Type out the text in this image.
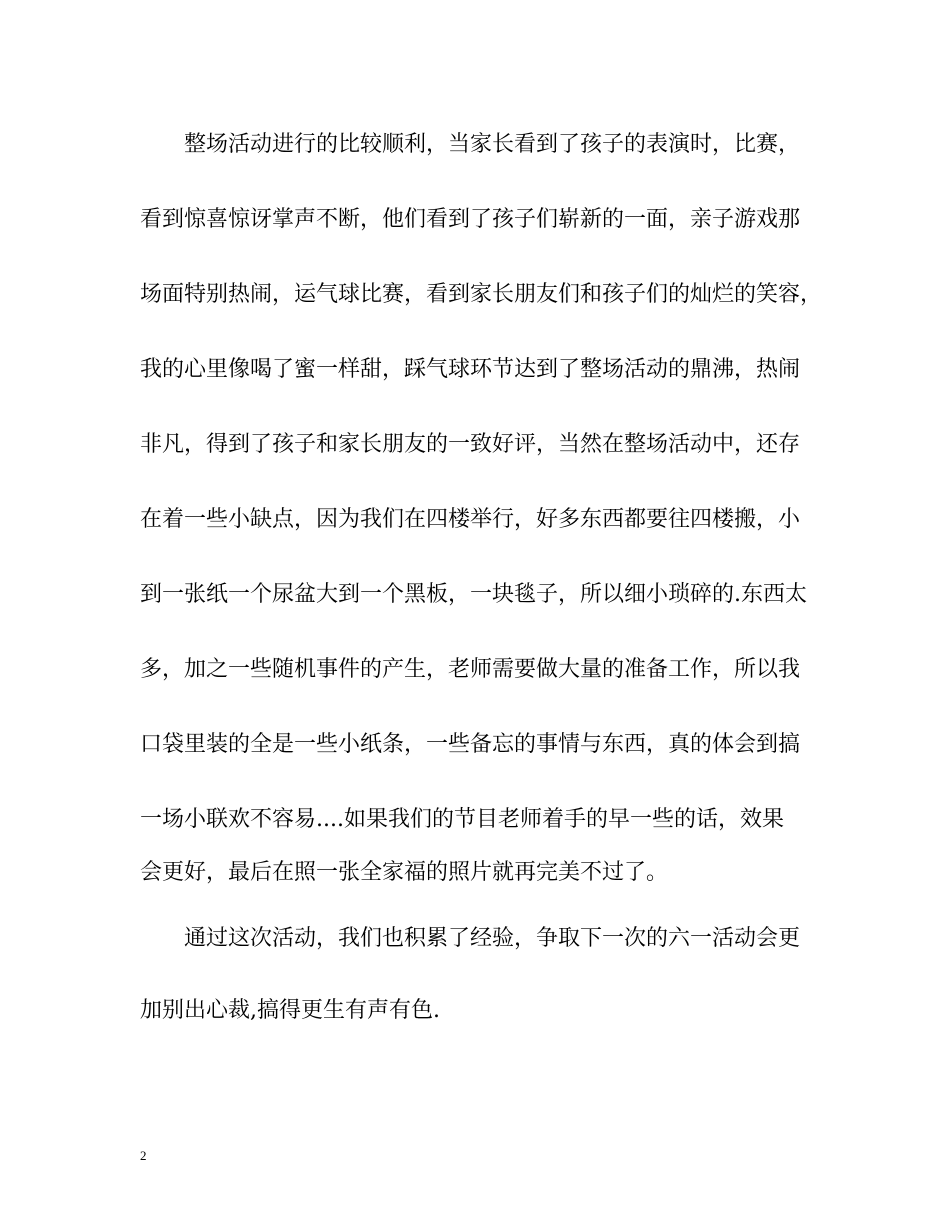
　　整场活动进行的比较顺利，当家长看到了孩子的表演时，比赛，
看到惊喜惊讶掌声不断，他们看到了孩子们崭新的一面，亲子游戏那
场面特别热闹，运气球比赛，看到家长朋友们和孩子们的灿烂的笑容，
我的心里像喝了蜜一样甜，踩气球环节达到了整场活动的鼎沸，热闹
非凡，得到了孩子和家长朋友的一致好评，当然在整场活动中，还存
在着一些小缺点，因为我们在四楼举行，好多东西都要往四楼搬，小
到一张纸一个尿盆大到一个黑板，一块毯子，所以细小琐碎的.东西太
多，加之一些随机事件的产生，老师需要做大量的准备工作，所以我
口袋里装的全是一些小纸条，一些备忘的事情与东西，真的体会到搞
一场小联欢不容易....如果我们的节目老师着手的早一些的话，效果
会更好，最后在照一张全家福的照片就再完美不过了。
　　通过这次活动，我们也积累了经验，争取下一次的六一活动会更
加别出心裁,搞得更生有声有色.
2
